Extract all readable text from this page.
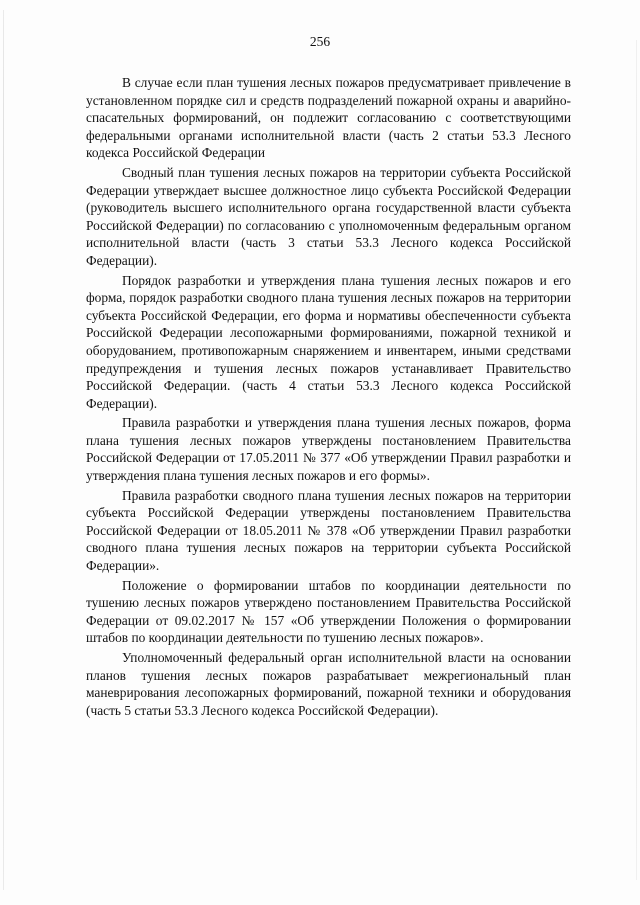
256

В случае если план тушения лесных пожаров предусматривает привлечение в установленном порядке сил и средств подразделений пожарной охраны и аварийно-спасательных формирований, он подлежит согласованию с соответствующими федеральными органами исполнительной власти (часть 2 статьи 53.3 Лесного кодекса Российской Федерации

Сводный план тушения лесных пожаров на территории субъекта Российской Федерации утверждает высшее должностное лицо субъекта Российской Федерации (руководитель высшего исполнительного органа государственной власти субъекта Российской Федерации) по согласованию с уполномоченным федеральным органом исполнительной власти (часть 3 статьи 53.3 Лесного кодекса Российской Федерации).

Порядок разработки и утверждения плана тушения лесных пожаров и его форма, порядок разработки сводного плана тушения лесных пожаров на территории субъекта Российской Федерации, его форма и нормативы обеспеченности субъекта Российской Федерации лесопожарными формированиями, пожарной техникой и оборудованием, противопожарным снаряжением и инвентарем, иными средствами предупреждения и тушения лесных пожаров устанавливает Правительство Российской Федерации. (часть 4 статьи 53.3 Лесного кодекса Российской Федерации).

Правила разработки и утверждения плана тушения лесных пожаров, форма плана тушения лесных пожаров утверждены постановлением Правительства Российской Федерации от 17.05.2011 № 377 «Об утверждении Правил разработки и утверждения плана тушения лесных пожаров и его формы».

Правила разработки сводного плана тушения лесных пожаров на территории субъекта Российской Федерации утверждены постановлением Правительства Российской Федерации от 18.05.2011 № 378 «Об утверждении Правил разработки сводного плана тушения лесных пожаров на территории субъекта Российской Федерации».

Положение о формировании штабов по координации деятельности по тушению лесных пожаров утверждено постановлением Правительства Российской Федерации от 09.02.2017 № 157 «Об утверждении Положения о формировании штабов по координации деятельности по тушению лесных пожаров».

Уполномоченный федеральный орган исполнительной власти на основании планов тушения лесных пожаров разрабатывает межрегиональный план маневрирования лесопожарных формирований, пожарной техники и оборудования (часть 5 статьи 53.3 Лесного кодекса Российской Федерации).
